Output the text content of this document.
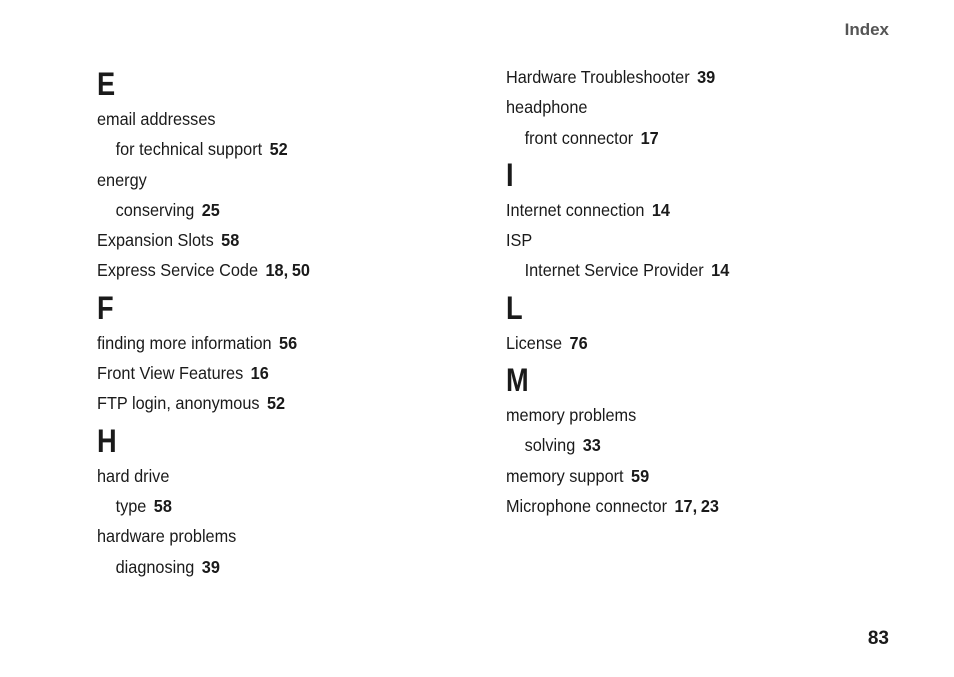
Index
E
email addresses
for technical support 52
energy
conserving 25
Expansion Slots 58
Express Service Code 18, 50
F
finding more information 56
Front View Features 16
FTP login, anonymous 52
H
hard drive
type 58
hardware problems
diagnosing 39
Hardware Troubleshooter 39
headphone
front connector 17
I
Internet connection 14
ISP
Internet Service Provider 14
L
License 76
M
memory problems
solving 33
memory support 59
Microphone connector 17, 23
83
